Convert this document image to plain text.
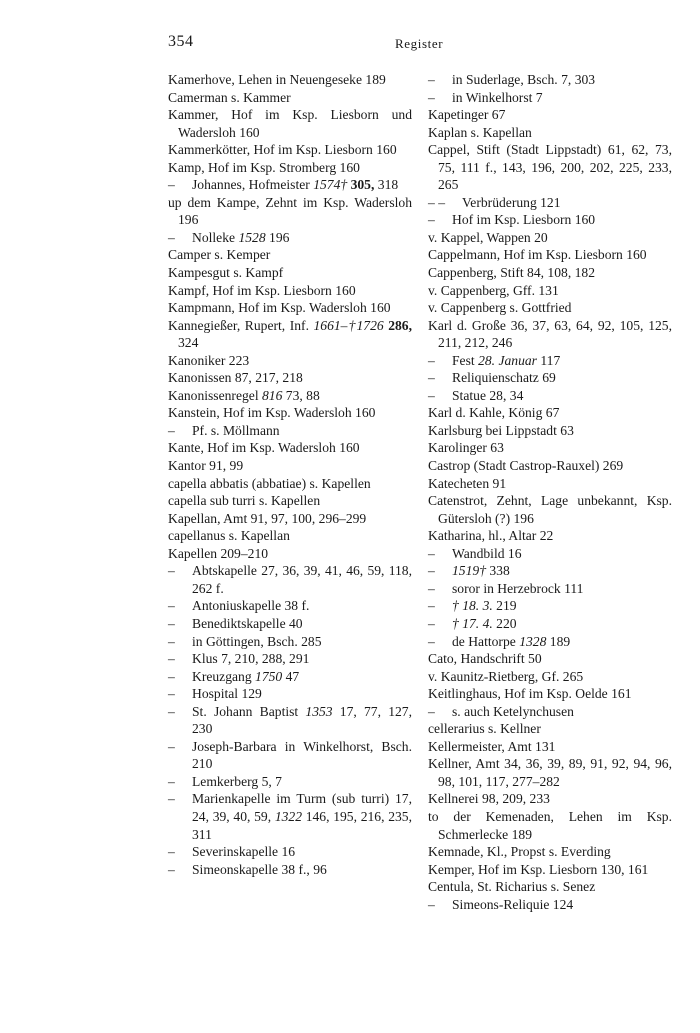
354	Register

Kamerhove, Lehen in Neuengeseke 189

Camerman s. Kammer

Kammer, Hof im Ksp. Liesborn und Wadersloh 160

Kammerkötter, Hof im Ksp. Liesborn 160

Kamp, Hof im Ksp. Stromberg 160

– Johannes, Hofmeister 1574† 305, 318

up dem Kampe, Zehnt im Ksp. Wadersloh 196

– Nolleke 1528 196

Camper s. Kemper

Kampesgut s. Kampf

Kampf, Hof im Ksp. Liesborn 160

Kampmann, Hof im Ksp. Wadersloh 160

Kannegießer, Rupert, Inf. 1661–†1726 286, 324

Kanoniker 223

Kanonissen 87, 217, 218

Kanonissenregel 816 73, 88

Kanstein, Hof im Ksp. Wadersloh 160

– Pf. s. Möllmann

Kante, Hof im Ksp. Wadersloh 160

Kantor 91, 99

capella abbatis (abbatiae) s. Kapellen

capella sub turri s. Kapellen

Kapellan, Amt 91, 97, 100, 296–299

capellanus s. Kapellan

Kapellen 209–210

– Abtskapelle 27, 36, 39, 41, 46, 59, 118, 262 f.

– Antoniuskapelle 38 f.

– Benediktskapelle 40

– in Göttingen, Bsch. 285

– Klus 7, 210, 288, 291

– Kreuzgang 1750 47

– Hospital 129

– St. Johann Baptist 1353 17, 77, 127, 230

– Joseph-Barbara in Winkelhorst, Bsch. 210

– Lemkerberg 5, 7

– Marienkapelle im Turm (sub turri) 17, 24, 39, 40, 59, 1322 146, 195, 216, 235, 311

– Severinskapelle 16

– Simeonskapelle 38 f., 96

– in Suderlage, Bsch. 7, 303

– in Winkelhorst 7

Kapetinger 67

Kaplan s. Kapellan

Cappel, Stift (Stadt Lippstadt) 61, 62, 73, 75, 111 f., 143, 196, 200, 202, 225, 233, 265

– – Verbrüderung 121

– Hof im Ksp. Liesborn 160

v. Kappel, Wappen 20

Cappelmann, Hof im Ksp. Liesborn 160

Cappenberg, Stift 84, 108, 182

v. Cappenberg, Gff. 131

v. Cappenberg s. Gottfried

Karl d. Große 36, 37, 63, 64, 92, 105, 125, 211, 212, 246

– Fest 28. Januar 117

– Reliquienschatz 69

– Statue 28, 34

Karl d. Kahle, König 67

Karlsburg bei Lippstadt 63

Karolinger 63

Castrop (Stadt Castrop-Rauxel) 269

Katecheten 91

Catenstrot, Zehnt, Lage unbekannt, Ksp. Gütersloh (?) 196

Katharina, hl., Altar 22

– Wandbild 16

– 1519† 338

– soror in Herzebrock 111

– † 18. 3. 219

– † 17. 4. 220

– de Hattorpe 1328 189

Cato, Handschrift 50

v. Kaunitz-Rietberg, Gf. 265

Keitlinghaus, Hof im Ksp. Oelde 161

– s. auch Ketelynchusen

cellerarius s. Kellner

Kellermeister, Amt 131

Kellner, Amt 34, 36, 39, 89, 91, 92, 94, 96, 98, 101, 117, 277–282

Kellnerei 98, 209, 233

to der Kemenaden, Lehen im Ksp. Schmerlecke 189

Kemnade, Kl., Propst s. Everding

Kemper, Hof im Ksp. Liesborn 130, 161

Centula, St. Richarius s. Senez

– Simeons-Reliquie 124
